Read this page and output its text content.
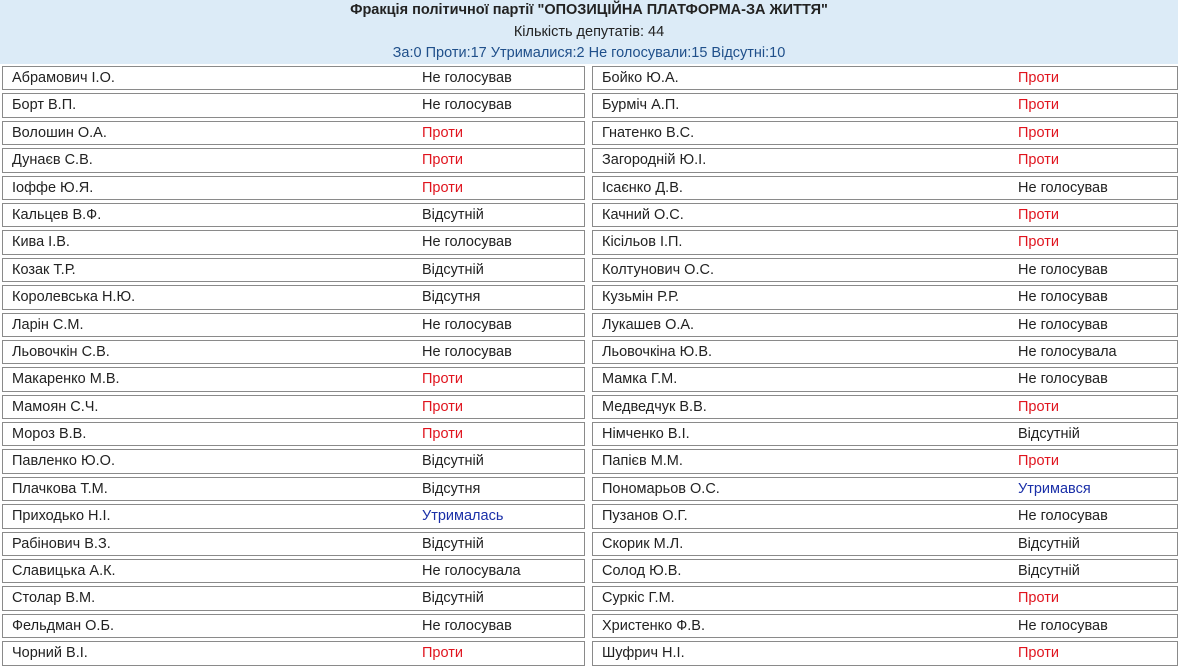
Фракція політичної партії "ОПОЗИЦІЙНА ПЛАТФОРМА-ЗА ЖИТТЯ"
Кількість депутатів: 44
За:0 Проти:17 Утрималися:2 Не голосували:15 Відсутні:10
Абрамович І.О.	Не голосував
Борт В.П.	Не голосував
Волошин О.А.	Проти
Дунаєв С.В.	Проти
Іоффе Ю.Я.	Проти
Кальцев В.Ф.	Відсутній
Кива І.В.	Не голосував
Козак Т.Р.	Відсутній
Королевська Н.Ю.	Відсутня
Ларін С.М.	Не голосував
Льовочкін С.В.	Не голосував
Макаренко М.В.	Проти
Мамоян С.Ч.	Проти
Мороз В.В.	Проти
Павленко Ю.О.	Відсутній
Плачкова Т.М.	Відсутня
Приходько Н.І.	Утрималась
Рабінович В.З.	Відсутній
Славицька А.К.	Не голосувала
Столар В.М.	Відсутній
Фельдман О.Б.	Не голосував
Чорний В.І.	Проти
Бойко Ю.А.	Проти
Бурміч А.П.	Проти
Гнатенко В.С.	Проти
Загородній Ю.І.	Проти
Ісаєнко Д.В.	Не голосував
Качний О.С.	Проти
Кісільов І.П.	Проти
Колтунович О.С.	Не голосував
Кузьмін Р.Р.	Не голосував
Лукашев О.А.	Не голосував
Льовочкіна Ю.В.	Не голосувала
Мамка Г.М.	Не голосував
Медведчук В.В.	Проти
Німченко В.І.	Відсутній
Папієв М.М.	Проти
Пономарьов О.С.	Утримався
Пузанов О.Г.	Не голосував
Скорик М.Л.	Відсутній
Солод Ю.В.	Відсутній
Суркіс Г.М.	Проти
Христенко Ф.В.	Не голосував
Шуфрич Н.І.	Проти
